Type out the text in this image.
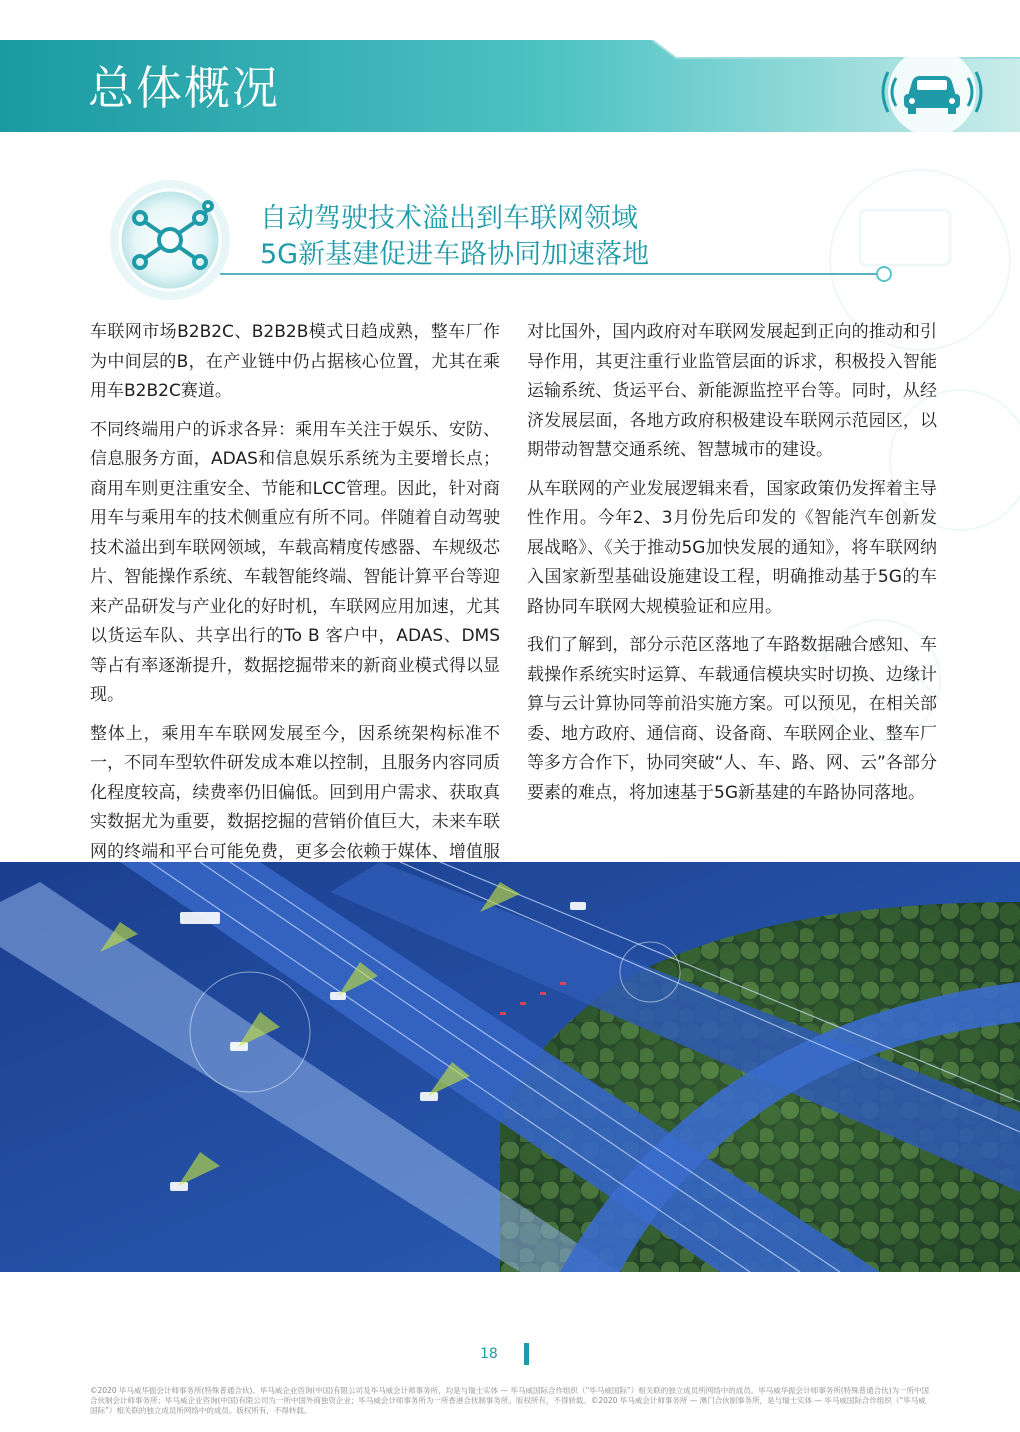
总体概况
自动驾驶技术溢出到车联网领域
5G新基建促进车路协同加速落地

车联网市场B2B2C、B2B2B模式日趋成熟，整车厂作为中间层的B，在产业链中仍占据核心位置，尤其在乘用车B2B2C赛道。

不同终端用户的诉求各异：乘用车关注于娱乐、安防、信息服务方面，ADAS和信息娱乐系统为主要增长点；商用车则更注重安全、节能和LCC管理。因此，针对商用车与乘用车的技术侧重应有所不同。伴随着自动驾驶技术溢出到车联网领域，车载高精度传感器、车规级芯片、智能操作系统、车载智能终端、智能计算平台等迎来产品研发与产业化的好时机，车联网应用加速，尤其以货运车队、共享出行的To B 客户中，ADAS、DMS等占有率逐渐提升，数据挖掘带来的新商业模式得以显现。

整体上，乘用车车联网发展至今，因系统架构标准不一，不同车型软件研发成本难以控制，且服务内容同质化程度较高，续费率仍旧偏低。回到用户需求、获取真实数据尤为重要，数据挖掘的营销价值巨大，未来车联网的终端和平台可能免费，更多会依赖于媒体、增值服

对比国外，国内政府对车联网发展起到正向的推动和引导作用，其更注重行业监管层面的诉求，积极投入智能运输系统、货运平台、新能源监控平台等。同时，从经济发展层面，各地方政府积极建设车联网示范园区，以期带动智慧交通系统、智慧城市的建设。

从车联网的产业发展逻辑来看，国家政策仍发挥着主导性作用。今年2、3月份先后印发的《智能汽车创新发展战略》、《关于推动5G加快发展的通知》，将车联网纳入国家新型基础设施建设工程，明确推动基于5G的车路协同车联网大规模验证和应用。

我们了解到，部分示范区落地了车路数据融合感知、车载操作系统实时运算、车载通信模块实时切换、边缘计算与云计算协同等前沿实施方案。可以预见，在相关部委、地方政府、通信商、设备商、车联网企业、整车厂等多方合作下，协同突破“人、车、路、网、云”各部分要素的难点，将加速基于5G新基建的车路协同落地。

18
©2020 毕马威华振会计师事务所(特殊普通合伙)、毕马威企业咨询(中国)有限公司及毕马威会计师事务所，均是与瑞士实体 — 毕马威国际合作组织（“毕马威国际”）相关联的独立成员所网络中的成员。毕马威华振会计师事务所(特殊普通合伙)为一所中国合伙制会计师事务所；毕马威企业咨询(中国)有限公司为一所中国外商独资企业；毕马威会计师事务所为一所香港合伙制事务所。版权所有，不得转载。©2020 毕马威会计师事务所 — 澳门合伙制事务所，是与瑞士实体 — 毕马威国际合作组织（“毕马威国际”）相关联的独立成员所网络中的成员。版权所有，不得转载。
